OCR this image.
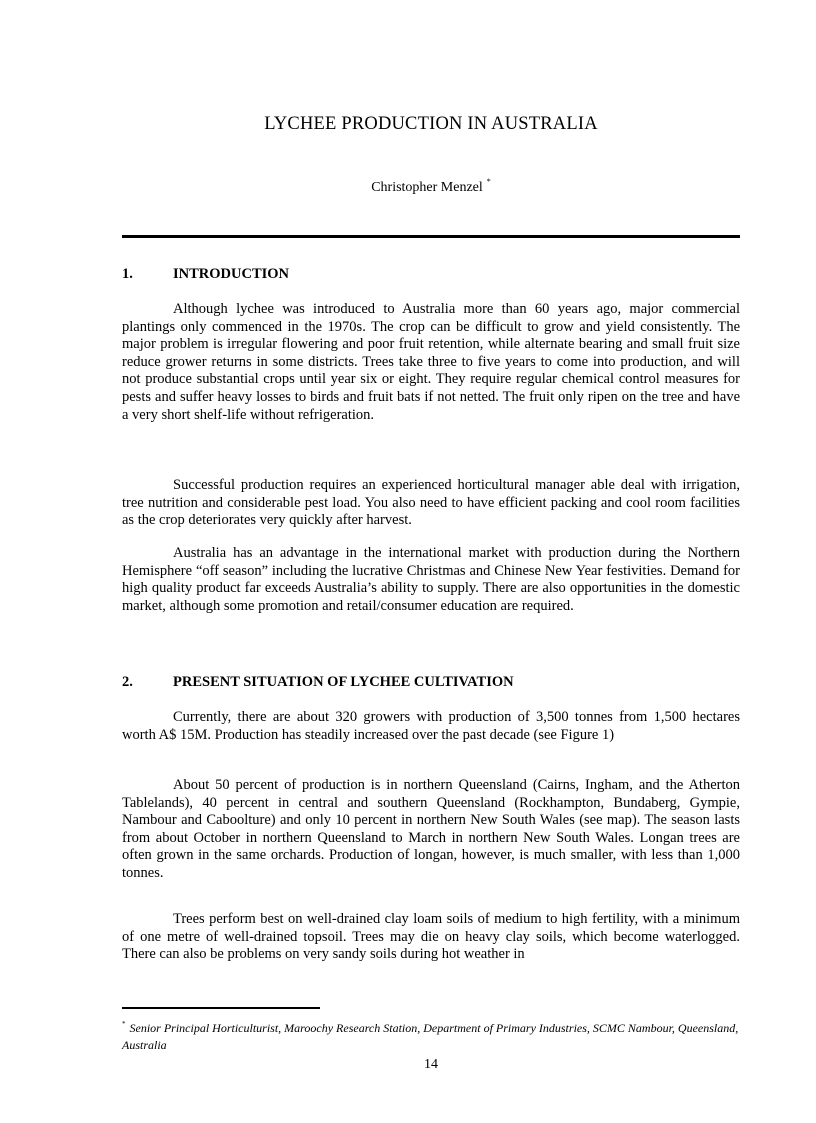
LYCHEE PRODUCTION IN AUSTRALIA
Christopher Menzel *
1.	INTRODUCTION

Although lychee was introduced to Australia more than 60 years ago, major commercial plantings only commenced in the 1970s. The crop can be difficult to grow and yield consistently. The major problem is irregular flowering and poor fruit retention, while alternate bearing and small fruit size reduce grower returns in some districts. Trees take three to five years to come into production, and will not produce substantial crops until year six or eight. They require regular chemical control measures for pests and suffer heavy losses to birds and fruit bats if not netted. The fruit only ripen on the tree and have a very short shelf-life without refrigeration.

Successful production requires an experienced horticultural manager able deal with irrigation, tree nutrition and considerable pest load. You also need to have efficient packing and cool room facilities as the crop deteriorates very quickly after harvest.

Australia has an advantage in the international market with production during the Northern Hemisphere “off season” including the lucrative Christmas and Chinese New Year festivities. Demand for high quality product far exceeds Australia’s ability to supply. There are also opportunities in the domestic market, although some promotion and retail/consumer education are required.

2.	PRESENT SITUATION OF LYCHEE CULTIVATION

Currently, there are about 320 growers with production of 3,500 tonnes from 1,500 hectares worth A$ 15M. Production has steadily increased over the past decade (see Figure 1)

About 50 percent of production is in northern Queensland (Cairns, Ingham, and the Atherton Tablelands), 40 percent in central and southern Queensland (Rockhampton, Bundaberg, Gympie, Nambour and Caboolture) and only 10 percent in northern New South Wales (see map). The season lasts from about October in northern Queensland to March in northern New South Wales. Longan trees are often grown in the same orchards. Production of longan, however, is much smaller, with less than 1,000 tonnes.

Trees perform best on well-drained clay loam soils of medium to high fertility, with a minimum of one metre of well-drained topsoil. Trees may die on heavy clay soils, which become waterlogged. There can also be problems on very sandy soils during hot weather in

* Senior Principal Horticulturist, Maroochy Research Station, Department of Primary Industries, SCMC Nambour, Queensland, Australia
14
